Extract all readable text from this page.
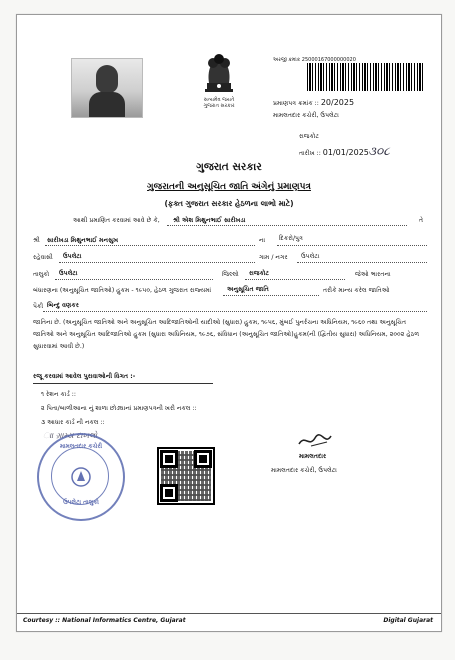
સત્યમેવ જયતે
ગુજરાત સરકાર
અરજી ક્રમાંક 25000167000000020
પ્રમાણપત્ર ક્રમાંક :: 20/2025
મામલતદાર કચેરી, ઉપલેટા
રાજકોટ
તારીખ :: 01/01/2025 ૩૦૮
ગુજરાત સરકાર
ગુજરાતની અનુસૂચિત જાતિ અંગેનું પ્રમાણપત્ર
(ફક્ત ગુજરાત સરકાર હેઠળના લાભો માટે)
આથી પ્રમાણિત કરવામાં આવે છે કે, શ્રી એશ મિથુનભાઈ સારીખડા	તે
શ્રી સારીખડા મિથુનભાઈ મનસુખ	ના દિકરો/પુત્ર
રહેવાસી ઉપલેટા	ગામ / નગર ઉપલેટા
તાલુકો ઉપલેટા	જિલ્લો રાજકોટ	જેઓ ભારતના
બંધારણના (અનુસૂચિત જાતિઓ) હુકમ - ૧૯૫૦, હેઠળ ગુજરાત રાજ્યમાં	અનુસૂચિત જાતિ	તરીકે માન્ય કરેલ જાતિઓ
પૈકી બિન્દુ વણકર
જાતિના છે. (અનુસૂચિત જાતિઓ અને અનુસૂચિત આદિજાતિઓની યાદીઓ (સુધારા) હુકમ, ૧૯૫૬, મુંબઈ પુનર્રચના અધિનિયમ, ૧૯૬૦ તથા અનુસૂચિત જાતિઓ અને અનુસૂચિત આદિજાતિઓ હુકમ (સુધારા અધિનિયમ, ૧૯૭૬, સંવિધાન (અનુસૂચિત જાતિઓ)હુકમ(ની (દ્વિતીય સુધારા) અધિનિયમ, ૨૦૦૨ હેઠળ સુધારવામાં આવી છે.)
રજૂ કરવામાં આવેલ પુરાવાઓની વિગત :-
૧ રેશન કાર્ડ ::
૨ પિતા/બાળીઆના નું શાળા છોડ્યાનાં પ્રમાણપત્રની ખરી નકલ ::
૩ આધાર કાર્ડ ની નકલ ::
ાા ગ્રામ્ય દાખલો
મામલતદાર કચેરી
ઉપલેટા તાલુકો
મામલતદાર
મામલતદાર કચેરી, ઉપલેટા
Courtesy :: National Informatics Centre, Gujarat	Digital Gujarat
